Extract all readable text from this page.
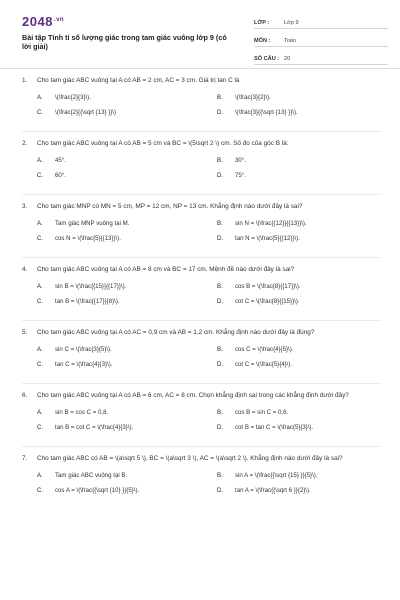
$2048^{.vn}$
Bài tập Tính tỉ số lượng giác trong tam giác vuông lớp 9 (có lời giải)
LỚP :	Lớp 9
MÔN :	Toán
SỐ CÂU : 20
1.	Cho tam giác ABC vuông tại A có AB = 2 cm, AC = 3 cm. Giá trị tan C là
A.	\(\frac{2}{3}\).	B.	\(\frac{3}{2}\).
C.	\(\frac{2}{{\sqrt {13} }}\)	D.	\(\frac{3}{{\sqrt {13} }}\).
2.	Cho tam giác ABC vuông tại A có AB = 5 cm và BC = \(5\sqrt 2 \) cm. Số đo của góc B là:
A.	45°.	B.	30°.
C.	60°.	D.	75°.
3.	Cho tam giác MNP có MN = 5 cm, MP = 12 cm, NP = 13 cm. Khẳng định nào dưới đây là sai?
A.	Tam giác MNP vuông tại M.	B.	sin N = \(\frac{{12}}{{13}}\).
C.	cos N = \(\frac{5}{{13}}\).	D.	tan N = \(\frac{5}{{12}}\).
4.	Cho tam giác ABC vuông tại A có AB = 8 cm và BC = 17 cm. Mệnh đề nào dưới đây là sai?
A.	sin B = \(\frac{{15}}{{17}}\).	B.	cos B = \(\frac{8}{{17}}\).
C.	tan B = \(\frac{{17}}{8}\).	D.	cot C = \(\frac{8}{{15}}\).
5.	Cho tam giác ABC vuông tại A có AC = 0,9 cm và AB = 1,2 cm. Khẳng định nào dưới đây là đúng?
A.	sin C = \(\frac{3}{5}\).	B.	cos C = \(\frac{4}{5}\).
C.	tan C = \(\frac{4}{3}\).	D.	cot C = \(\frac{5}{4}\).
6.	Cho tam giác ABC vuông tại A có AB = 6 cm, AC = 8 cm. Chọn khẳng định sai trong các khẳng định dưới đây?
A.	sin B = cos C = 0,8.	B.	cos B = sin C = 0,6.
C.	tan B = cot C = \(\frac{4}{3}\).	D.	cot B = tan C = \(\frac{5}{3}\).
7.	Cho tam giác ABC có AB = \(a\sqrt 5 \), BC = \(a\sqrt 3 \), AC = \(a\sqrt 2 \). Khẳng định nào dưới đây là sai?
A.	Tam giác ABC vuông tại B.	B.	sin A = \(\frac{{\sqrt {15} }}{5}\).
C.	cos A = \(\frac{{\sqrt {10} }}{5}\).	D.	tan A = \(\frac{{\sqrt 6 }}{2}\).
